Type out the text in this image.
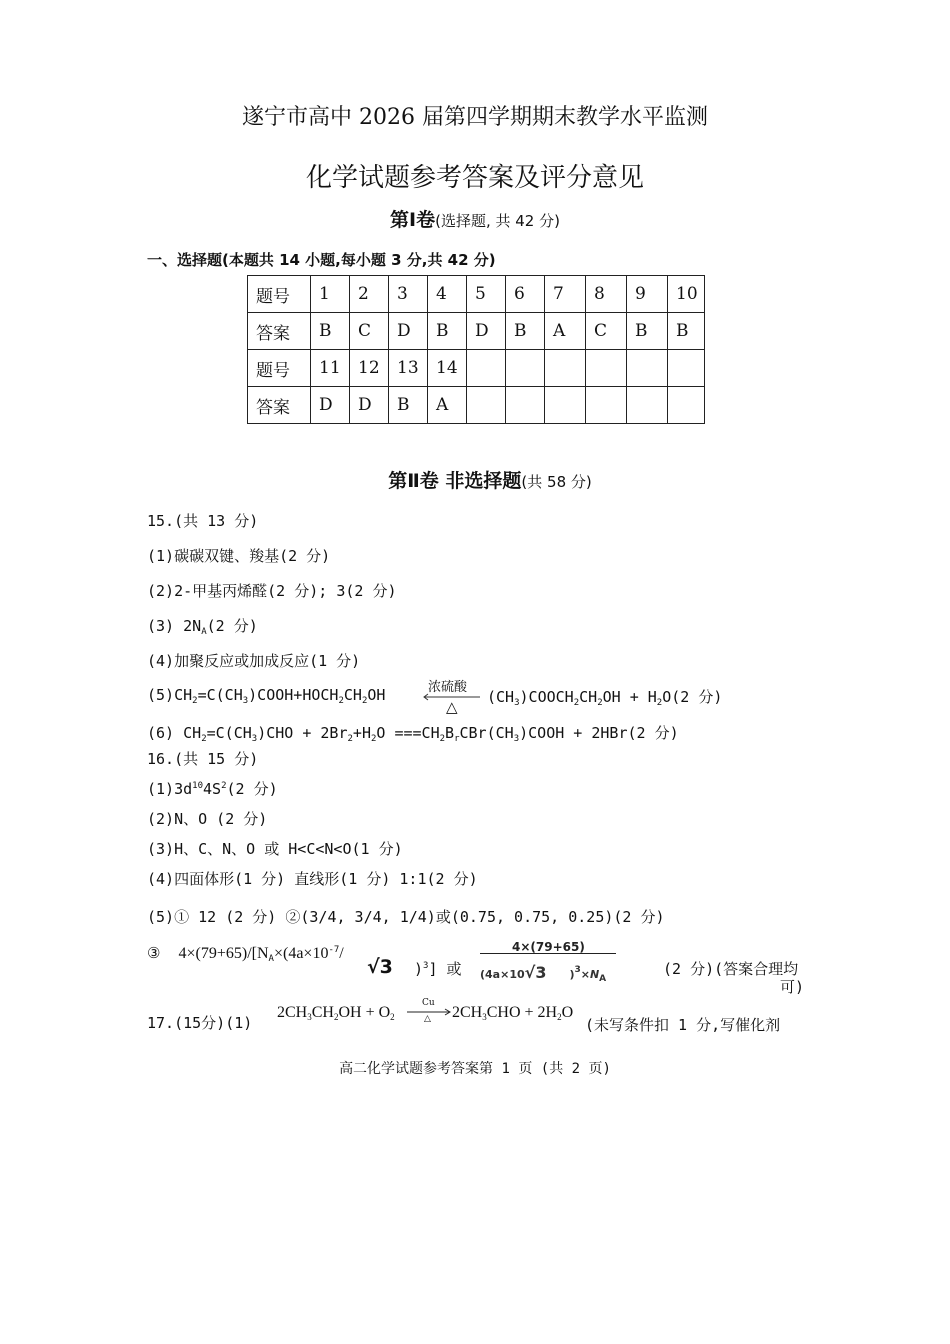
遂宁市高中 2026 届第四学期期末教学水平监测
化学试题参考答案及评分意见
第Ⅰ卷(选择题, 共 42 分)
一、选择题(本题共 14 小题,每小题 3 分,共 42 分)
题号	1	2	3	4	5	6	7	8	9	10
答案	B	C	D	B	D	B	A	C	B	B
题号	11	12	13	14						
答案	D	D	B	A						
第Ⅱ卷 非选择题(共 58 分)
15.(共 13 分)
(1)碳碳双键、羧基(2 分)
(2)2-甲基丙烯醛(2 分); 3(2 分)
(3) $2N_A(2$ 分)
(4)加聚反应或加成反应(1 分)
$(5)CH_2=C(CH_3)COOH+HOCH_2CH_2OH$	浓硫酸
△
$(CH_3)COOCH_2CH_2OH + H_2O(2$ 分)
(6) $CH_2=C(CH_3)CHO + 2Br_2+H_2O$ $===CH_2B_rCBr(CH_3)COOH + 2HBr(2$ 分)
16.(共 15 分)
$(1)3d^{10}4S^2(2$ 分)
(2)N、O (2 分)
(3)H、C、N、O 或 H<C<N<O(1 分)
(4)四面体形(1 分) 直线形(1 分) 1:1(2 分)
(5)① 12 (2 分) ②(3/4, 3/4, 1/4)或(0.75, 0.75, 0.25)(2 分)
③ $4\times(79+65)/[N_A\times(4a\times 10^{-7}/$
√3 )$^3$] 或
4×(79+65)
(4a×10√3 )$^3\times N_A$
(2 分)(答案合理均
可)
17.(15分)(1)
$2CH_3CH_2OH + O_2$
Cu
△ $2CH_3CHO + 2H_2O$
(未写条件扣 1 分,写催化剂
高二化学试题参考答案第 1 页 (共 2 页)
